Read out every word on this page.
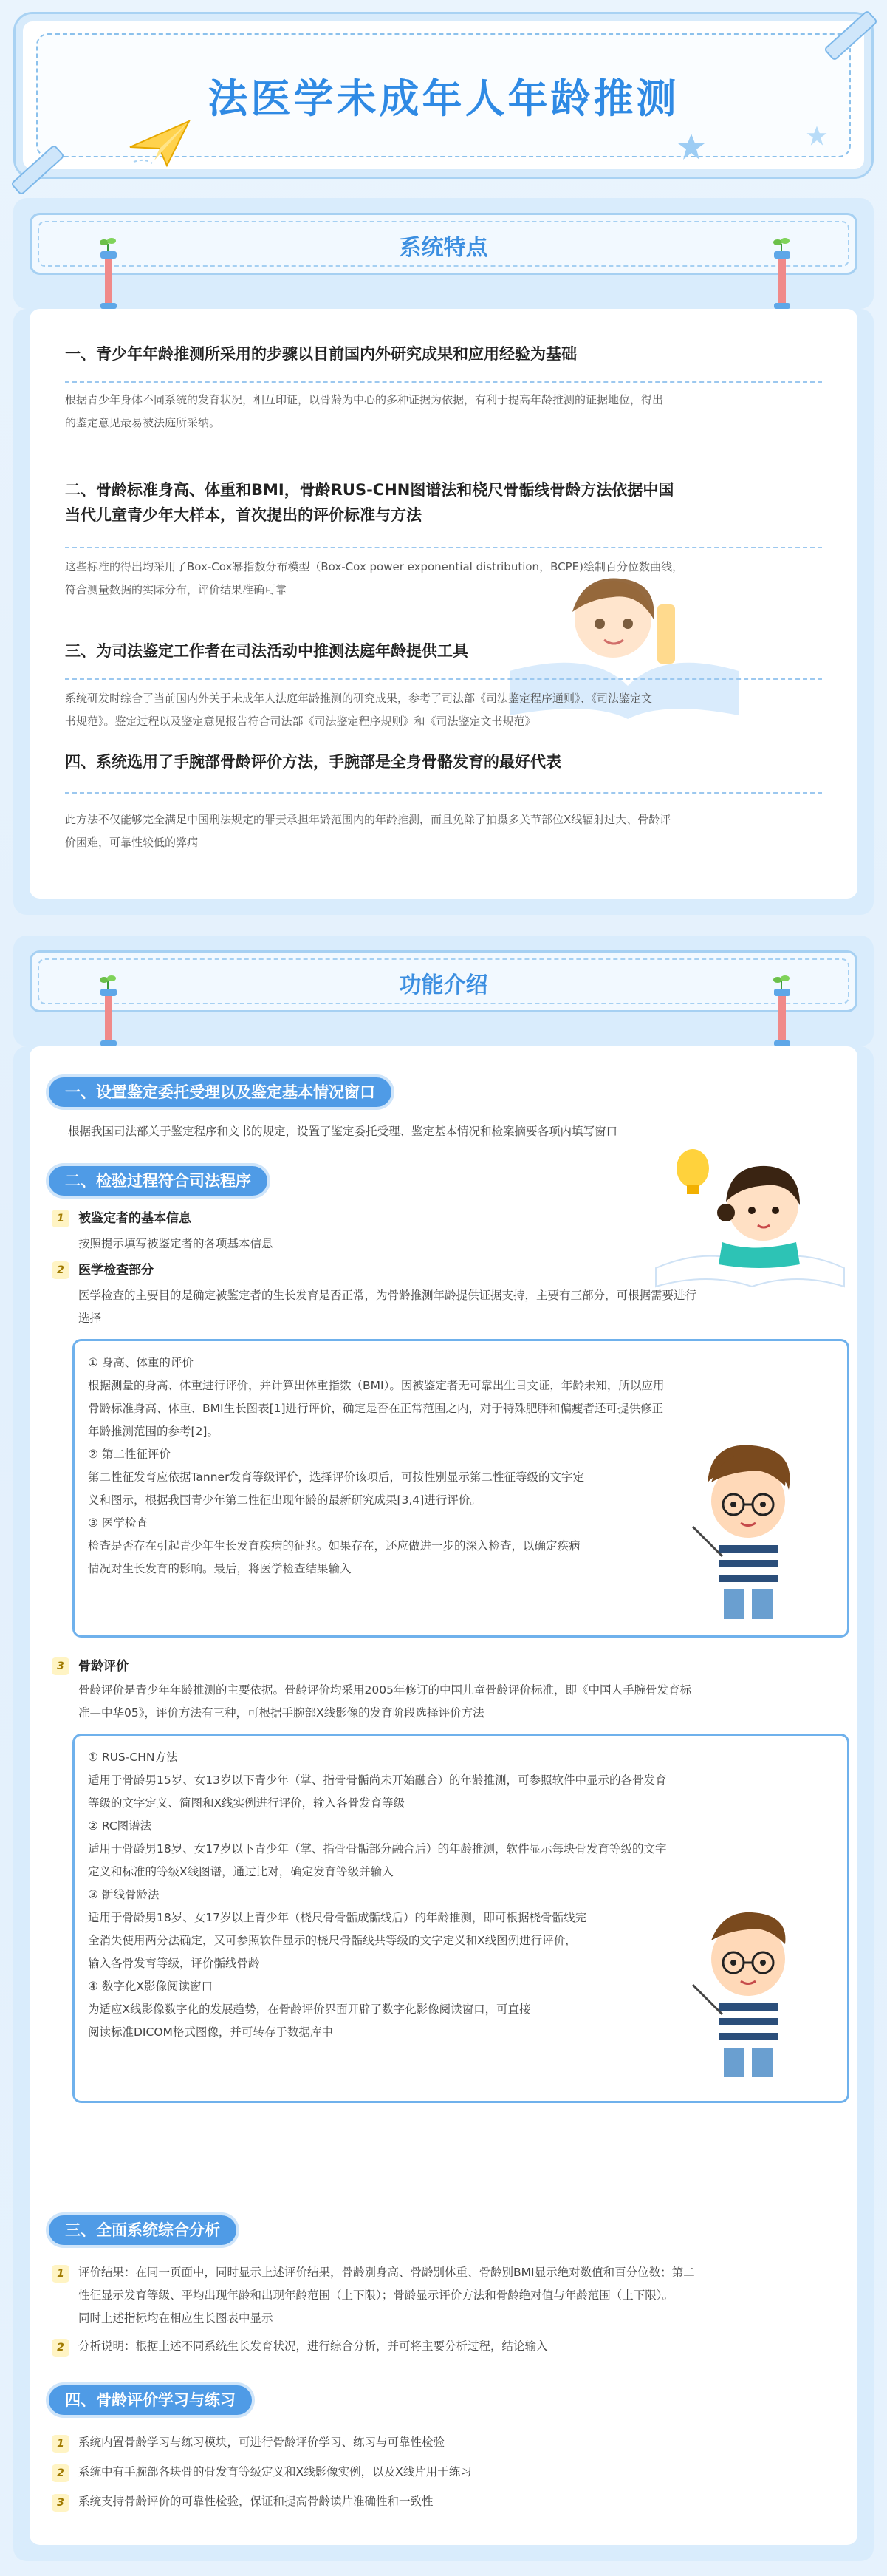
法医学未成年人年龄推测
系统特点
一、青少年年龄推测所采用的步骤以目前国内外研究成果和应用经验为基础
根据青少年身体不同系统的发育状况，相互印证，以骨龄为中心的多种证据为依据，有利于提高年龄推测的证据地位，得出
的鉴定意见最易被法庭所采纳。
二、骨龄标准身高、体重和BMI，骨龄RUS-CHN图谱法和桡尺骨骺线骨龄方法依据中国
当代儿童青少年大样本，首次提出的评价标准与方法
这些标准的得出均采用了Box-Cox幂指数分布模型（Box-Cox power exponential distribution，BCPE)绘制百分位数曲线，
符合测量数据的实际分布，评价结果准确可靠
三、为司法鉴定工作者在司法活动中推测法庭年龄提供工具
系统研发时综合了当前国内外关于未成年人法庭年龄推测的研究成果，参考了司法部《司法鉴定程序通则》、《司法鉴定文
书规范》。鉴定过程以及鉴定意见报告符合司法部《司法鉴定程序规则》和《司法鉴定文书规范》
四、系统选用了手腕部骨龄评价方法，手腕部是全身骨骼发育的最好代表
此方法不仅能够完全满足中国刑法规定的罪责承担年龄范围内的年龄推测，而且免除了拍摄多关节部位X线辐射过大、骨龄评
价困难，可靠性较低的弊病
功能介绍
一、设置鉴定委托受理以及鉴定基本情况窗口
根据我国司法部关于鉴定程序和文书的规定，设置了鉴定委托受理、鉴定基本情况和检案摘要各项内填写窗口
二、检验过程符合司法程序
1	被鉴定者的基本信息
按照提示填写被鉴定者的各项基本信息
2	医学检查部分
医学检查的主要目的是确定被鉴定者的生长发育是否正常，为骨龄推测年龄提供证据支持，主要有三部分，可根据需要进行
选择
① 身高、体重的评价
根据测量的身高、体重进行评价，并计算出体重指数（BMI）。因被鉴定者无可靠出生日文证，年龄未知，所以应用
骨龄标准身高、体重、BMI生长图表[1]进行评价，确定是否在正常范围之内，对于特殊肥胖和偏瘦者还可提供修正
年龄推测范围的参考[2]。
② 第二性征评价
第二性征发育应依据Tanner发育等级评价，选择评价该项后，可按性别显示第二性征等级的文字定
义和图示，根据我国青少年第二性征出现年龄的最新研究成果[3,4]进行评价。
③ 医学检查
检查是否存在引起青少年生长发育疾病的征兆。如果存在，还应做进一步的深入检查，以确定疾病
情况对生长发育的影响。最后，将医学检查结果输入
3	骨龄评价
骨龄评价是青少年年龄推测的主要依据。骨龄评价均采用2005年修订的中国儿童骨龄评价标准，即《中国人手腕骨发育标
准—中华05》，评价方法有三种，可根据手腕部X线影像的发育阶段选择评价方法
① RUS-CHN方法
适用于骨龄男15岁、女13岁以下青少年（掌、指骨骨骺尚未开始融合）的年龄推测，可参照软件中显示的各骨发育
等级的文字定义、简图和X线实例进行评价，输入各骨发育等级
② RC图谱法
适用于骨龄男18岁、女17岁以下青少年（掌、指骨骨骺部分融合后）的年龄推测，软件显示每块骨发育等级的文字
定义和标准的等级X线图谱，通过比对，确定发育等级并输入
③ 骺线骨龄法
适用于骨龄男18岁、女17岁以上青少年（桡尺骨骨骺成骺线后）的年龄推测，即可根据桡骨骺线完
全消失使用两分法确定，又可参照软件显示的桡尺骨骺线共等级的文字定义和X线图例进行评价，
输入各骨发育等级，评价骺线骨龄
④ 数字化X影像阅读窗口
为适应X线影像数字化的发展趋势，在骨龄评价界面开辟了数字化影像阅读窗口，可直接
阅读标准DICOM格式图像，并可转存于数据库中
三、全面系统综合分析
1	评价结果：在同一页面中，同时显示上述评价结果，骨龄别身高、骨龄别体重、骨龄别BMI显示绝对数值和百分位数；第二
性征显示发育等级、平均出现年龄和出现年龄范围（上下限）；骨龄显示评价方法和骨龄绝对值与年龄范围（上下限）。
同时上述指标均在相应生长图表中显示
2	分析说明：根据上述不同系统生长发育状况，进行综合分析，并可将主要分析过程，结论输入
四、骨龄评价学习与练习
1	系统内置骨龄学习与练习模块，可进行骨龄评价学习、练习与可靠性检验
2	系统中有手腕部各块骨的骨发育等级定义和X线影像实例，以及X线片用于练习
3	系统支持骨龄评价的可靠性检验，保证和提高骨龄读片准确性和一致性
